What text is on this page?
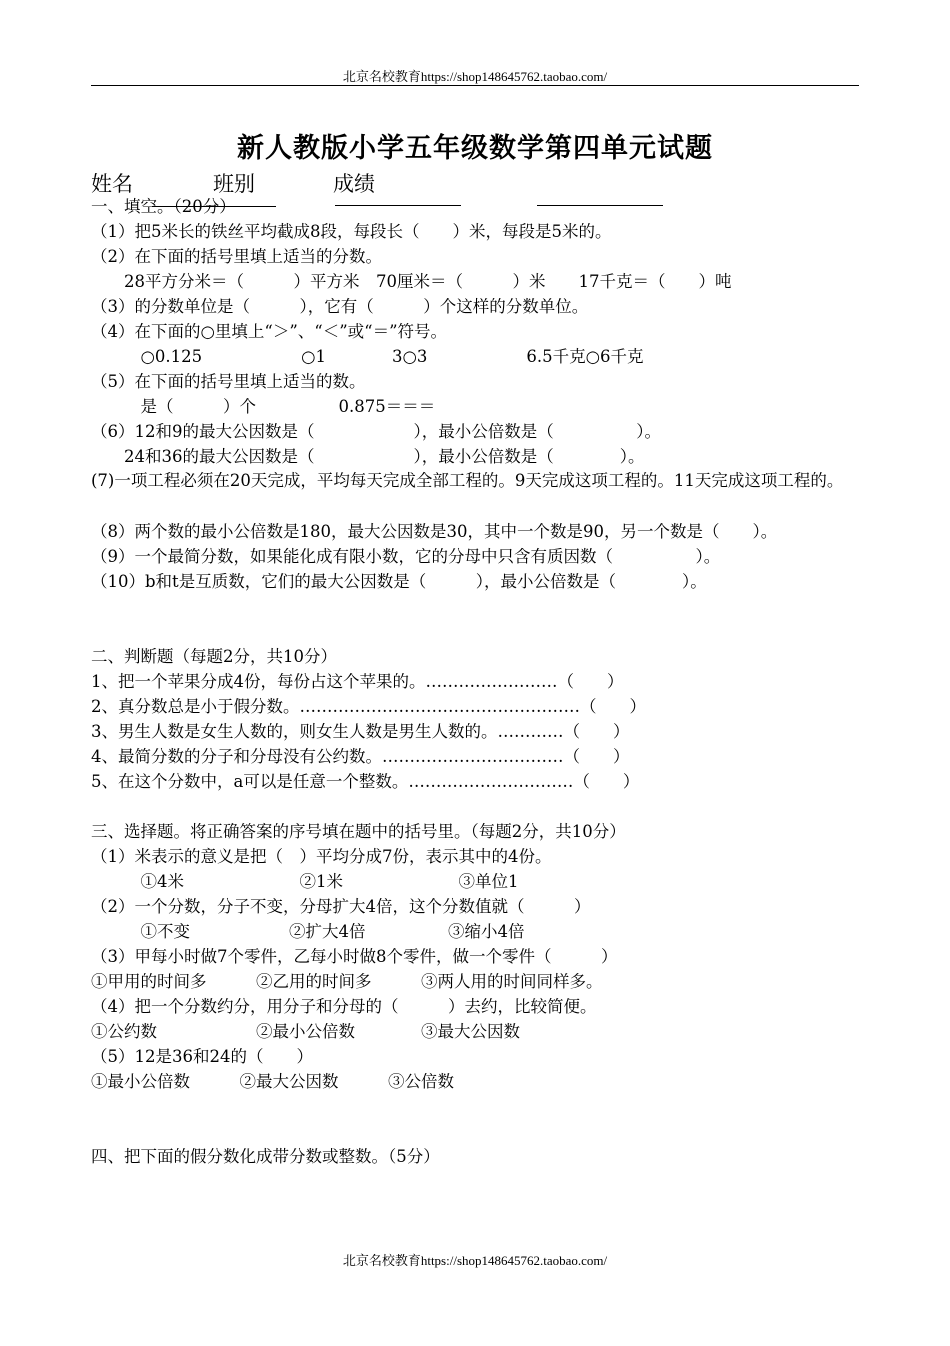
北京名校教育https://shop148645762.taobao.com/
新人教版小学五年级数学第四单元试题
姓名	班别	成绩
一、填空。（20分）
（1）把5米长的铁丝平均截成8段，每段长（　　）米，每段是5米的。
（2）在下面的括号里填上适当的分数。
　　28平方分米＝（　　　）平方米　70厘米＝（　　　）米　　17千克＝（　　）吨
（3）的分数单位是（　　　），它有（　　　）个这样的分数单位。
（4）在下面的○里填上“＞”、“＜”或“＝”符号。
　　　○0.125　　　　　　○1　　　　3○3　　　　　　6.5千克○6千克
（5）在下面的括号里填上适当的数。
　　　是（　　　）个　　　　　0.875＝＝＝
（6）12和9的最大公因数是（　　　　　　），最小公倍数是（　　　　　）。
　　24和36的最大公因数是（　　　　　　），最小公倍数是（　　　　）。
(7)一项工程必须在20天完成，平均每天完成全部工程的。9天完成这项工程的。11天完成这项工程的。
（8）两个数的最小公倍数是180，最大公因数是30，其中一个数是90，另一个数是（　　）。
（9）一个最简分数，如果能化成有限小数，它的分母中只含有质因数（　　　　　）。
（10）b和t是互质数，它们的最大公因数是（　　　），最小公倍数是（　　　　）。
二、判断题（每题2分，共10分）
1、把一个苹果分成4份，每份占这个苹果的。……………………（　　）
2、真分数总是小于假分数。……………………………………………（　　）
3、男生人数是女生人数的，则女生人数是男生人数的。…………（　　）
4、最简分数的分子和分母没有公约数。……………………………（　　）
5、在这个分数中，a可以是任意一个整数。…………………………（　　）
三、选择题。将正确答案的序号填在题中的括号里。（每题2分，共10分）
（1）米表示的意义是把（　）平均分成7份，表示其中的4份。
　　　①4米　　　　　　　②1米　　　　　　　③单位1
（2）一个分数，分子不变，分母扩大4倍，这个分数值就（　　　）
　　　①不变　　　　　　②扩大4倍　　　　　③缩小4倍
（3）甲每小时做7个零件，乙每小时做8个零件，做一个零件（　　　）
①甲用的时间多　　　②乙用的时间多　　　③两人用的时间同样多。
（4）把一个分数约分，用分子和分母的（　　　）去约，比较简便。
①公约数　　　　　　②最小公倍数　　　　③最大公因数
（5）12是36和24的（　　）
①最小公倍数　　　②最大公因数　　　③公倍数
四、把下面的假分数化成带分数或整数。（5分）
北京名校教育https://shop148645762.taobao.com/
